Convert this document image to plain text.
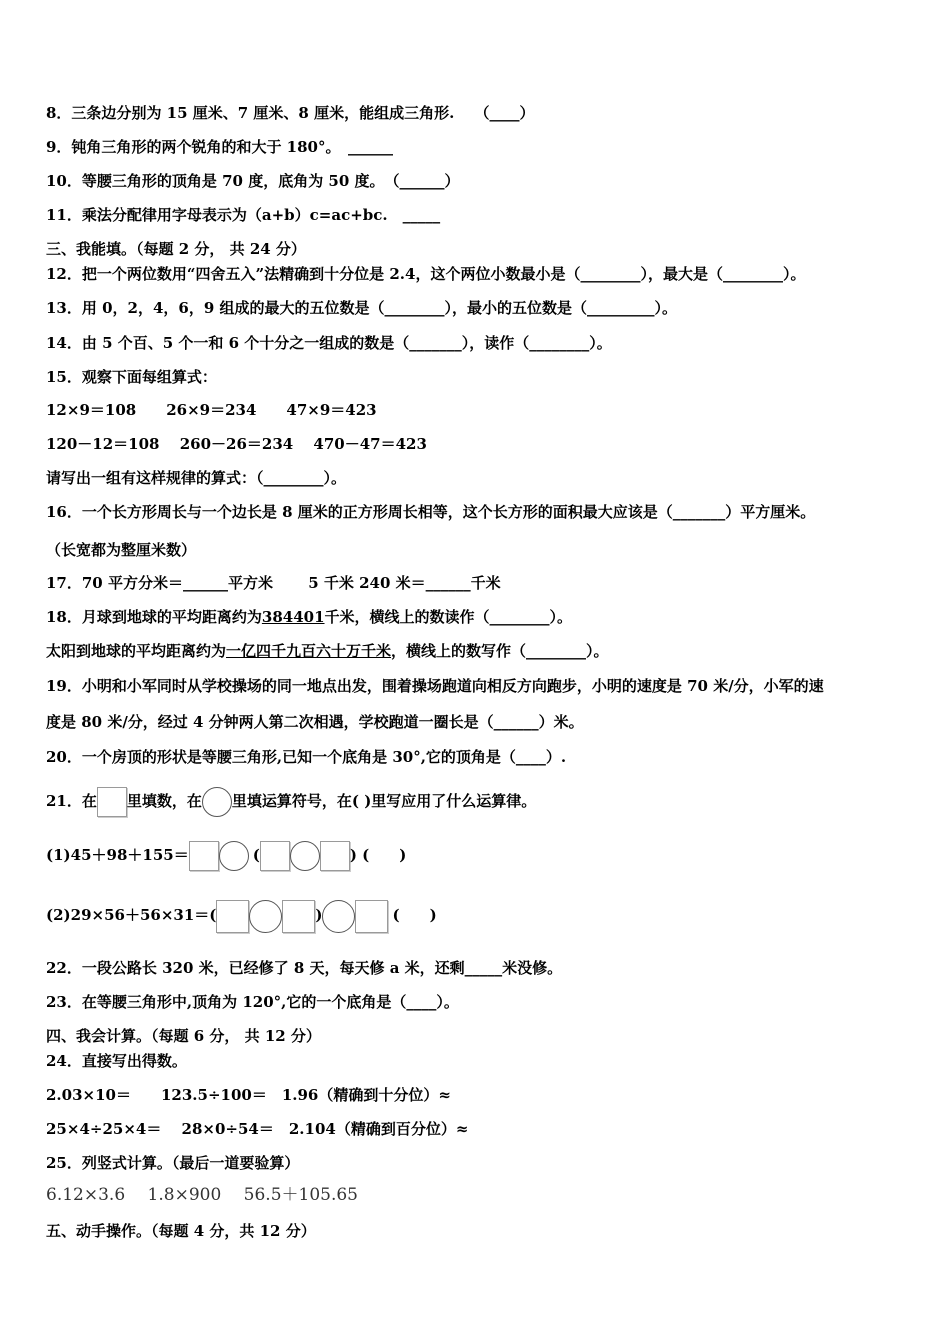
8．三条边分别为 15 厘米、7 厘米、8 厘米，能组成三角形.　 （____）
9．钝角三角形的两个锐角的和大于 180°。　______
10．等腰三角形的顶角是 70 度，底角为 50 度。　（______）
11．乘法分配律用字母表示为（a+b）c=ac+bc.　_____
三、我能填。（每题 2 分， 共 24 分）
12．把一个两位数用“四舍五入”法精确到十分位是 2.4，这个两位小数最小是（________），最大是（________）。
13．用 0，2，4，6，9 组成的最大的五位数是（________），最小的五位数是（_________）。
14．由 5 个百、5 个一和 6 个十分之一组成的数是（_______），读作（________）。
15．观察下面每组算式：
12×9＝108　　26×9＝234　　47×9＝423
120－12＝108　 260－26＝234　 470－47＝423
请写出一组有这样规律的算式：（________）。
16．一个长方形周长与一个边长是 8 厘米的正方形周长相等，这个长方形的面积最大应该是（_______）平方厘米。
（长宽都为整厘米数）
17．70 平方分米＝______平方米　　 5 千米 240 米＝______千米
18．月球到地球的平均距离约为384401千米，横线上的数读作（________）。
太阳到地球的平均距离约为一亿四千九百六十万千米，横线上的数写作（________）。
19．小明和小军同时从学校操场的同一地点出发，围着操场跑道向相反方向跑步，小明的速度是 70 米/分，小军的速
度是 80 米/分，经过 4 分钟两人第二次相遇，学校跑道一圈长是（______）米。
20．一个房顶的形状是等腰三角形,已知一个底角是 30°,它的顶角是（____）.
21．在 里填数，在 里填运算符号，在( )里写应用了什么运算律。
(1)45＋98＋155＝	(	) (　　)
(2)29×56＋56×31＝(	)	(　　)
22．一段公路长 320 米，已经修了 8 天，每天修 a 米，还剩_____米没修。
23．在等腰三角形中,顶角为 120°,它的一个底角是（____）。
四、我会计算。（每题 6 分， 共 12 分）
24．直接写出得数。
2.03×10＝　　123.5÷100＝　1.96（精确到十分位）≈
25×4÷25×4＝　 28×0÷54＝　2.104（精确到百分位）≈
25．列竖式计算。（最后一道要验算）
6.12×3.6　 1.8×900　 56.5＋105.65
五、动手操作。（每题 4 分，共 12 分）
